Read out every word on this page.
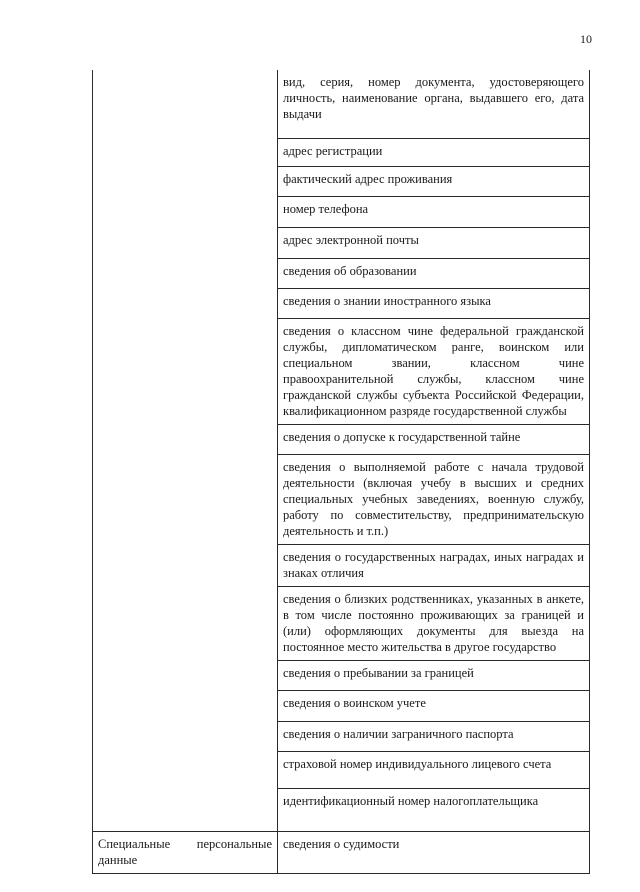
10
	вид, серия, номер документа, удостоверяющего личность, наименование органа, выдавшего его, дата выдачи
	адрес регистрации
	фактический адрес проживания
	номер телефона
	адрес электронной почты
	сведения об образовании
	сведения о знании иностранного языка
	сведения о классном чине федеральной гражданской службы, дипломатическом ранге, воинском или специальном звании, классном чине правоохранительной службы, классном чине гражданской службы субъекта Российской Федерации, квалификационном разряде государственной службы
	сведения о допуске к государственной тайне
	сведения о выполняемой работе с начала трудовой деятельности (включая учебу в высших и средних специальных учебных заведениях, военную службу, работу по совместительству, предпринимательскую деятельность и т.п.)
	сведения о государственных наградах, иных наградах и знаках отличия
	сведения о близких родственниках, указанных в анкете, в том числе постоянно проживающих за границей и (или) оформляющих документы для выезда на постоянное место жительства в другое государство
	сведения о пребывании за границей
	сведения о воинском учете
	сведения о наличии заграничного паспорта
	страховой номер индивидуального лицевого счета
	идентификационный номер налогоплательщика

Специальные персональные данные	сведения о судимости
